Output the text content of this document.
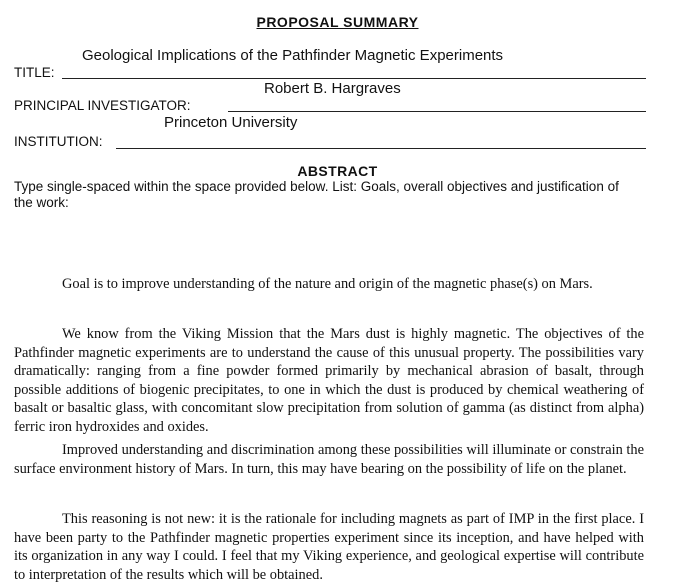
PROPOSAL SUMMARY
Geological Implications of the Pathfinder Magnetic Experiments
TITLE:
Robert B. Hargraves
PRINCIPAL INVESTIGATOR:
Princeton University
INSTITUTION:
ABSTRACT
Type single-spaced within the space provided below. List: Goals, overall objectives and justification of the work:

Goal is to improve understanding of the nature and origin of the magnetic phase(s) on Mars.

We know from the Viking Mission that the Mars dust is highly magnetic. The objectives of the Pathfinder magnetic experiments are to understand the cause of this unusual property. The possibilities vary dramatically: ranging from a fine powder formed primarily by mechanical abrasion of basalt, through possible additions of biogenic precipitates, to one in which the dust is produced by chemical weathering of basalt or basaltic glass, with concomitant slow precipitation from solution of gamma (as distinct from alpha) ferric iron hydroxides and oxides.

Improved understanding and discrimination among these possibilities will illuminate or constrain the surface environment history of Mars. In turn, this may have bearing on the possibility of life on the planet.

This reasoning is not new: it is the rationale for including magnets as part of IMP in the first place. I have been party to the Pathfinder magnetic properties experiment since its inception, and have helped with its organization in any way I could. I feel that my Viking experience, and geological expertise will contribute to interpretation of the results which will be obtained.
